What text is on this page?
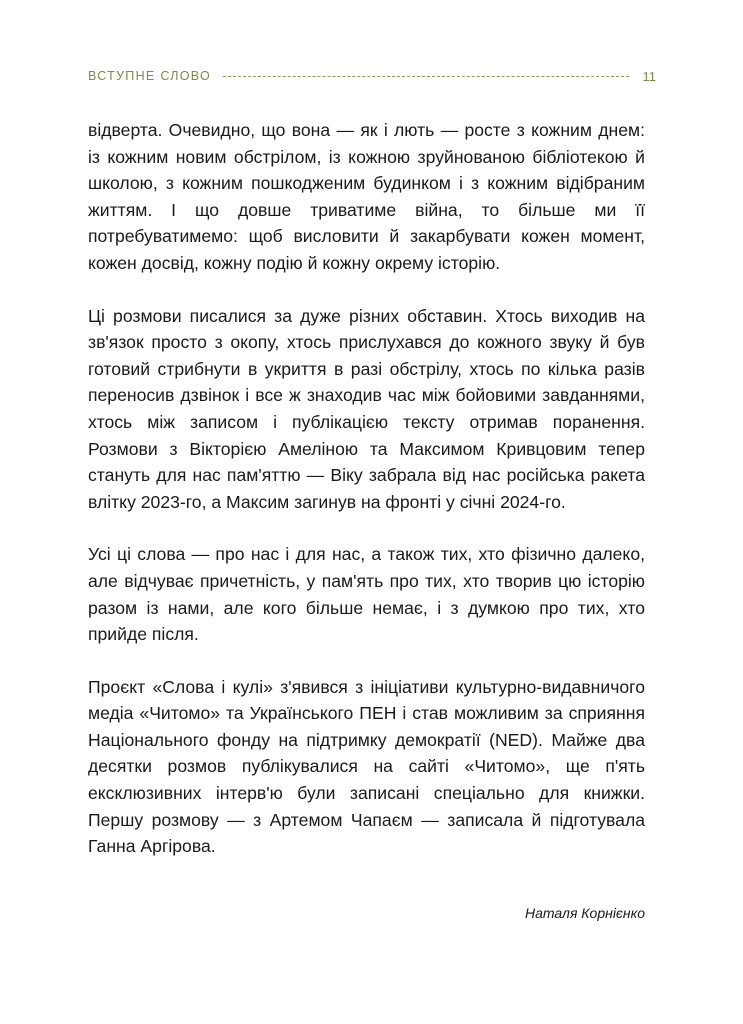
ВСТУПНЕ СЛОВО	11

відверта. Очевидно, що вона — як і лють — росте з кожним днем: із кожним новим обстрілом, із кожною зруйнованою бібліотекою й школою, з кожним пошкодженим будинком і з кожним відібраним життям. І що довше триватиме війна, то більше ми її потребуватимемо: щоб висловити й закарбувати кожен момент, кожен досвід, кожну подію й кожну окрему історію.

Ці розмови писалися за дуже різних обставин. Хтось виходив на зв'язок просто з окопу, хтось прислухався до кожного звуку й був готовий стрибнути в укриття в разі обстрілу, хтось по кілька разів переносив дзвінок і все ж знаходив час між бойовими завданнями, хтось між записом і публікацією тексту отримав поранення. Розмови з Вікторією Амеліною та Максимом Кривцовим тепер стануть для нас пам'яттю — Віку забрала від нас російська ракета влітку 2023-го, а Максим загинув на фронті у січні 2024-го.

Усі ці слова — про нас і для нас, а також тих, хто фізично далеко, але відчуває причетність, у пам'ять про тих, хто творив цю історію разом із нами, але кого більше немає, і з думкою про тих, хто прийде після.

Проєкт «Слова і кулі» з'явився з ініціативи культурно-видавничого медіа «Читомо» та Українського ПЕН і став можливим за сприяння Національного фонду на підтримку демократії (NED). Майже два десятки розмов публікувалися на сайті «Читомо», ще п'ять ексклюзивних інтерв'ю були записані спеціально для книжки. Першу розмову — з Артемом Чапаєм — записала й підготувала Ганна Аргірова.

Наталя Корнієнко
